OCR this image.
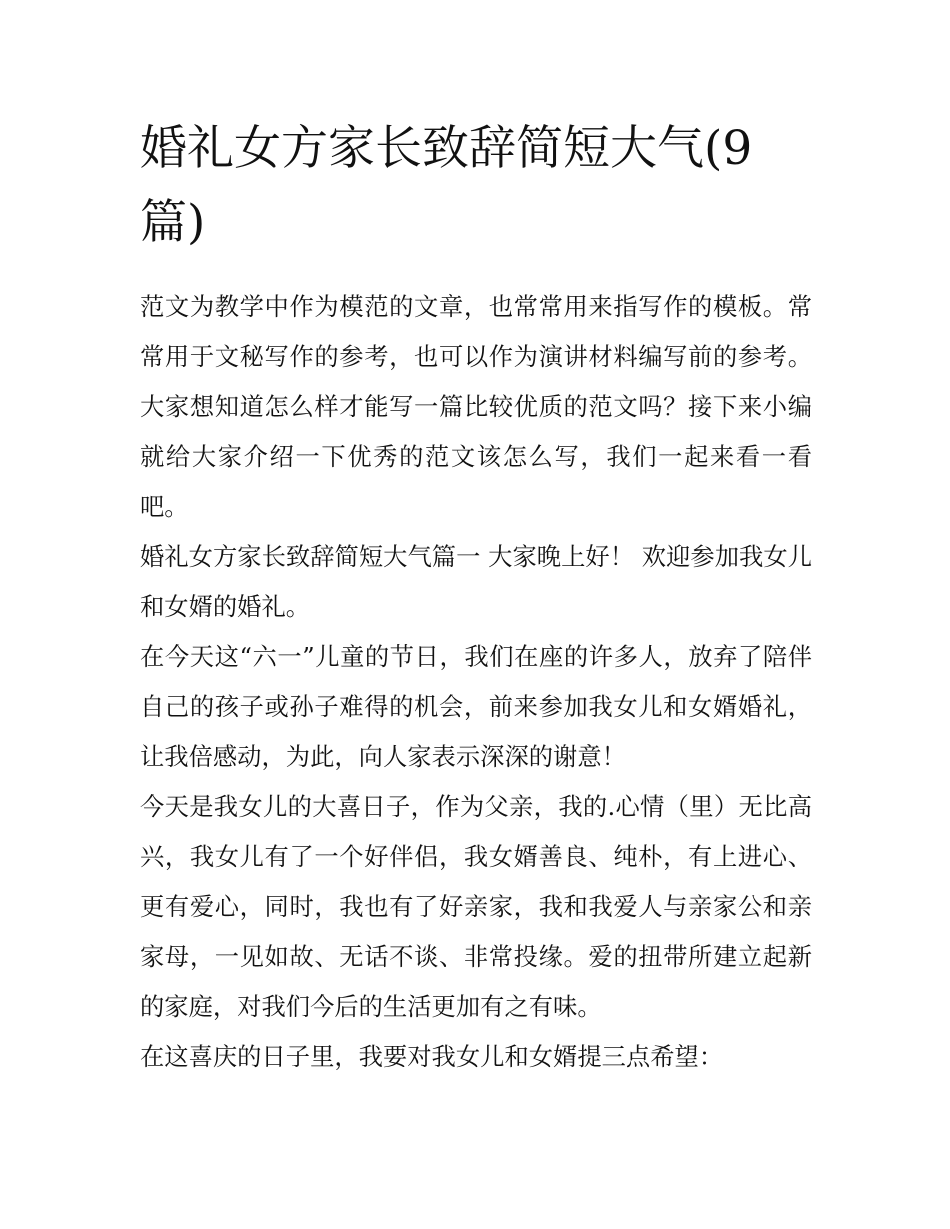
婚礼女方家长致辞简短大气(9篇)

范文为教学中作为模范的文章，也常常用来指写作的模板。常常用于文秘写作的参考，也可以作为演讲材料编写前的参考。大家想知道怎么样才能写一篇比较优质的范文吗？接下来小编就给大家介绍一下优秀的范文该怎么写，我们一起来看一看吧。

婚礼女方家长致辞简短大气篇一 大家晚上好！ 欢迎参加我女儿和女婿的婚礼。

在今天这“六一”儿童的节日，我们在座的许多人，放弃了陪伴自己的孩子或孙子难得的机会，前来参加我女儿和女婿婚礼，让我倍感动，为此，向人家表示深深的谢意！

今天是我女儿的大喜日子，作为父亲，我的.心情（里）无比高兴，我女儿有了一个好伴侣，我女婿善良、纯朴，有上进心、更有爱心，同时，我也有了好亲家，我和我爱人与亲家公和亲家母，一见如故、无话不谈、非常投缘。爱的扭带所建立起新的家庭，对我们今后的生活更加有之有味。

在这喜庆的日子里，我要对我女儿和女婿提三点希望：
